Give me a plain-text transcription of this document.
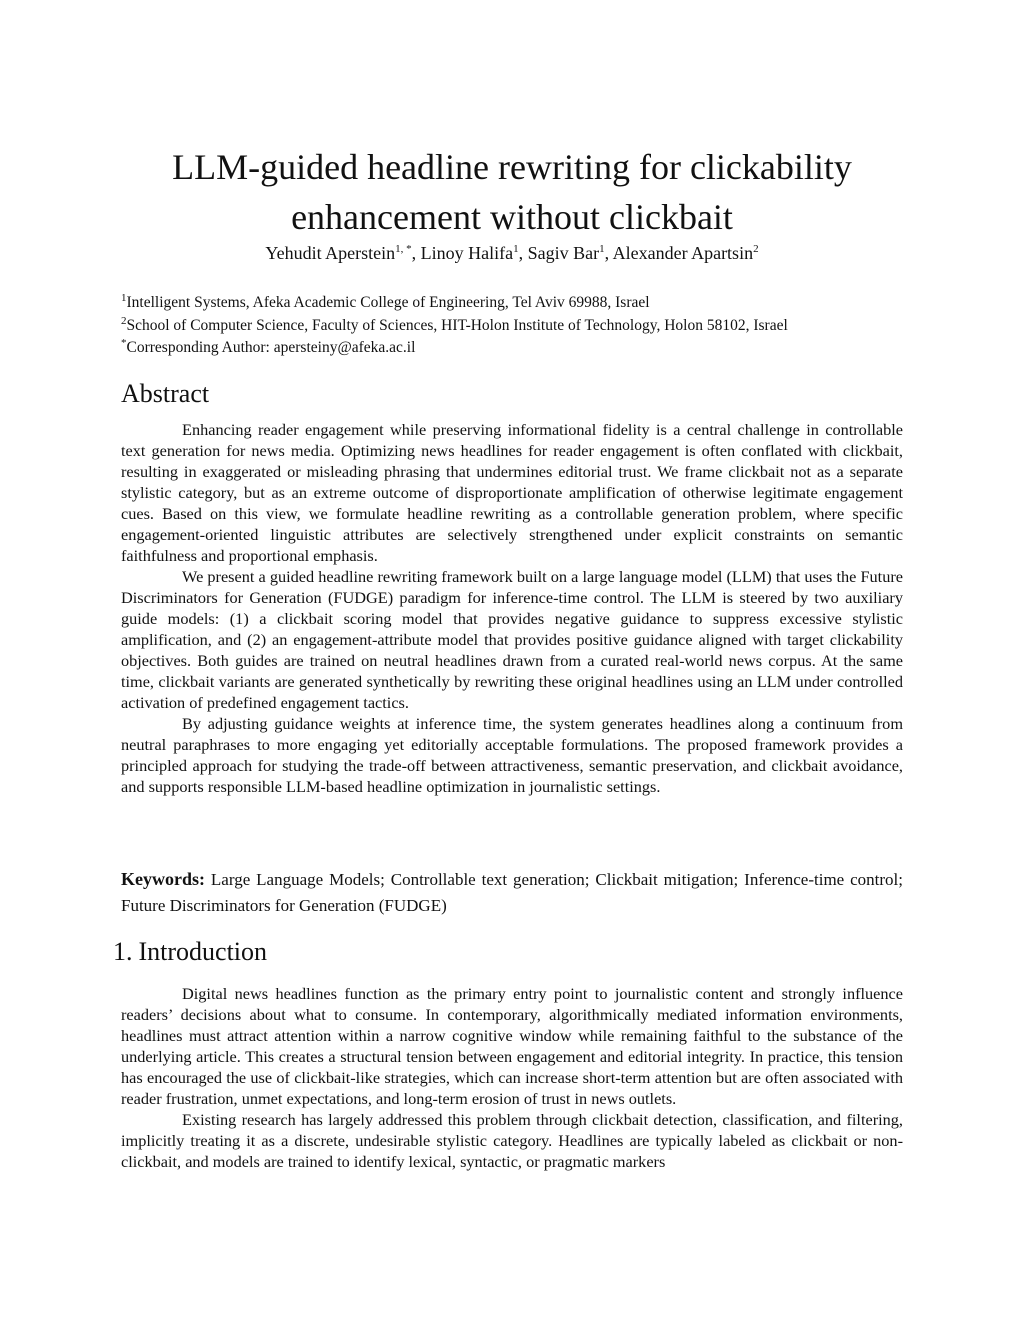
LLM-guided headline rewriting for clickability
enhancement without clickbait
Yehudit Aperstein$^{1, *}$, Linoy Halifa$^1$, Sagiv Bar$^1$, Alexander Apartsin$^2$
$^1$Intelligent Systems, Afeka Academic College of Engineering, Tel Aviv 69988, Israel
$^2$School of Computer Science, Faculty of Sciences, HIT-Holon Institute of Technology, Holon 58102, Israel
*Corresponding Author: apersteiny@afeka.ac.il
Abstract

Enhancing reader engagement while preserving informational fidelity is a central challenge in controllable text generation for news media. Optimizing news headlines for reader engagement is often conflated with clickbait, resulting in exaggerated or misleading phrasing that undermines editorial trust. We frame clickbait not as a separate stylistic category, but as an extreme outcome of disproportionate amplification of otherwise legitimate engagement cues. Based on this view, we formulate headline rewriting as a controllable generation problem, where specific engagement-oriented linguistic attributes are selectively strengthened under explicit constraints on semantic faithfulness and proportional emphasis.

We present a guided headline rewriting framework built on a large language model (LLM) that uses the Future Discriminators for Generation (FUDGE) paradigm for inference-time control. The LLM is steered by two auxiliary guide models: (1) a clickbait scoring model that provides negative guidance to suppress excessive stylistic amplification, and (2) an engagement-attribute model that provides positive guidance aligned with target clickability objectives. Both guides are trained on neutral headlines drawn from a curated real-world news corpus. At the same time, clickbait variants are generated synthetically by rewriting these original headlines using an LLM under controlled activation of predefined engagement tactics.

By adjusting guidance weights at inference time, the system generates headlines along a continuum from neutral paraphrases to more engaging yet editorially acceptable formulations. The proposed framework provides a principled approach for studying the trade-off between attractiveness, semantic preservation, and clickbait avoidance, and supports responsible LLM-based headline optimization in journalistic settings.

Keywords: Large Language Models; Controllable text generation; Clickbait mitigation; Inference-time control; Future Discriminators for Generation (FUDGE)
1. Introduction

Digital news headlines function as the primary entry point to journalistic content and strongly influence readers’ decisions about what to consume. In contemporary, algorithmically mediated information environments, headlines must attract attention within a narrow cognitive window while remaining faithful to the substance of the underlying article. This creates a structural tension between engagement and editorial integrity. In practice, this tension has encouraged the use of clickbait-like strategies, which can increase short-term attention but are often associated with reader frustration, unmet expectations, and long-term erosion of trust in news outlets.

Existing research has largely addressed this problem through clickbait detection, classification, and filtering, implicitly treating it as a discrete, undesirable stylistic category. Headlines are typically labeled as clickbait or non-clickbait, and models are trained to identify lexical, syntactic, or pragmatic markers
